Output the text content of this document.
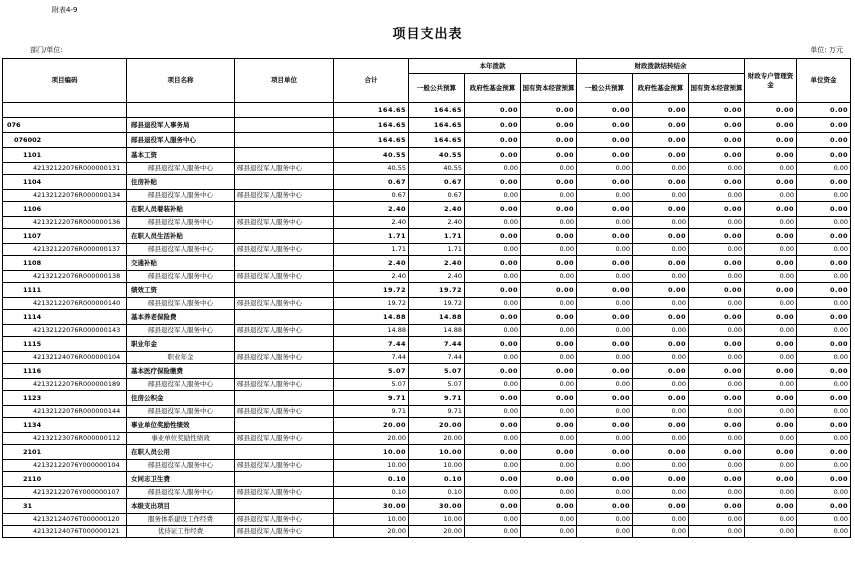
附表4-9
项目支出表
部门/单位:	单位: 万元
项目编码	项目名称	项目单位	合计	本年拨款			财政拨款结转结余			财政专户管理资金	单位资金
				一般公共预算	政府性基金预算	国有资本经营预算	一般公共预算	政府性基金预算	国有资本经营预算		
			164.65	164.65	0.00	0.00	0.00	0.00	0.00	0.00	0.00
076	郧县退役军人事务局		164.65	164.65	0.00	0.00	0.00	0.00	0.00	0.00	0.00
076002	郧县退役军人服务中心		164.65	164.65	0.00	0.00	0.00	0.00	0.00	0.00	0.00
1101	基本工资		40.55	40.55	0.00	0.00	0.00	0.00	0.00	0.00	0.00
42132122076R000000131	郧县退役军人服务中心	郧县退役军人服务中心	40.55	40.55	0.00	0.00	0.00	0.00	0.00	0.00	0.00
1104	住房补贴		0.67	0.67	0.00	0.00	0.00	0.00	0.00	0.00	0.00
42132122076R000000134	郧县退役军人服务中心	郧县退役军人服务中心	0.67	0.67	0.00	0.00	0.00	0.00	0.00	0.00	0.00
1106	在职人员着装补贴		2.40	2.40	0.00	0.00	0.00	0.00	0.00	0.00	0.00
42132122076R000000136	郧县退役军人服务中心	郧县退役军人服务中心	2.40	2.40	0.00	0.00	0.00	0.00	0.00	0.00	0.00
1107	在职人员生活补贴		1.71	1.71	0.00	0.00	0.00	0.00	0.00	0.00	0.00
42132122076R000000137	郧县退役军人服务中心	郧县退役军人服务中心	1.71	1.71	0.00	0.00	0.00	0.00	0.00	0.00	0.00
1108	交通补贴		2.40	2.40	0.00	0.00	0.00	0.00	0.00	0.00	0.00
42132122076R000000138	郧县退役军人服务中心	郧县退役军人服务中心	2.40	2.40	0.00	0.00	0.00	0.00	0.00	0.00	0.00
1111	绩效工资		19.72	19.72	0.00	0.00	0.00	0.00	0.00	0.00	0.00
42132122076R000000140	郧县退役军人服务中心	郧县退役军人服务中心	19.72	19.72	0.00	0.00	0.00	0.00	0.00	0.00	0.00
1114	基本养老保险费		14.88	14.88	0.00	0.00	0.00	0.00	0.00	0.00	0.00
42132122076R000000143	郧县退役军人服务中心	郧县退役军人服务中心	14.88	14.88	0.00	0.00	0.00	0.00	0.00	0.00	0.00
1115	职业年金		7.44	7.44	0.00	0.00	0.00	0.00	0.00	0.00	0.00
42132124076R000000104	职业年金	郧县退役军人服务中心	7.44	7.44	0.00	0.00	0.00	0.00	0.00	0.00	0.00
1116	基本医疗保险缴费		5.07	5.07	0.00	0.00	0.00	0.00	0.00	0.00	0.00
42132122076R000000189	郧县退役军人服务中心	郧县退役军人服务中心	5.07	5.07	0.00	0.00	0.00	0.00	0.00	0.00	0.00
1123	住房公积金		9.71	9.71	0.00	0.00	0.00	0.00	0.00	0.00	0.00
42132122076R000000144	郧县退役军人服务中心	郧县退役军人服务中心	9.71	9.71	0.00	0.00	0.00	0.00	0.00	0.00	0.00
1134	事业单位奖励性绩效		20.00	20.00	0.00	0.00	0.00	0.00	0.00	0.00	0.00
42132123076R000000112	事业单位奖励性绩效	郧县退役军人服务中心	20.00	20.00	0.00	0.00	0.00	0.00	0.00	0.00	0.00
2101	在职人员公用		10.00	10.00	0.00	0.00	0.00	0.00	0.00	0.00	0.00
42132122076Y000000104	郧县退役军人服务中心	郧县退役军人服务中心	10.00	10.00	0.00	0.00	0.00	0.00	0.00	0.00	0.00
2110	女同志卫生费		0.10	0.10	0.00	0.00	0.00	0.00	0.00	0.00	0.00
42132122076Y000000107	郧县退役军人服务中心	郧县退役军人服务中心	0.10	0.10	0.00	0.00	0.00	0.00	0.00	0.00	0.00
31	本级支出项目		30.00	30.00	0.00	0.00	0.00	0.00	0.00	0.00	0.00
42132124076T000000120	服务体系建设工作经费	郧县退役军人服务中心	10.00	10.00	0.00	0.00	0.00	0.00	0.00	0.00	0.00
42132124076T000000121	优待证工作经费	郧县退役军人服务中心	20.00	20.00	0.00	0.00	0.00	0.00	0.00	0.00	0.00
